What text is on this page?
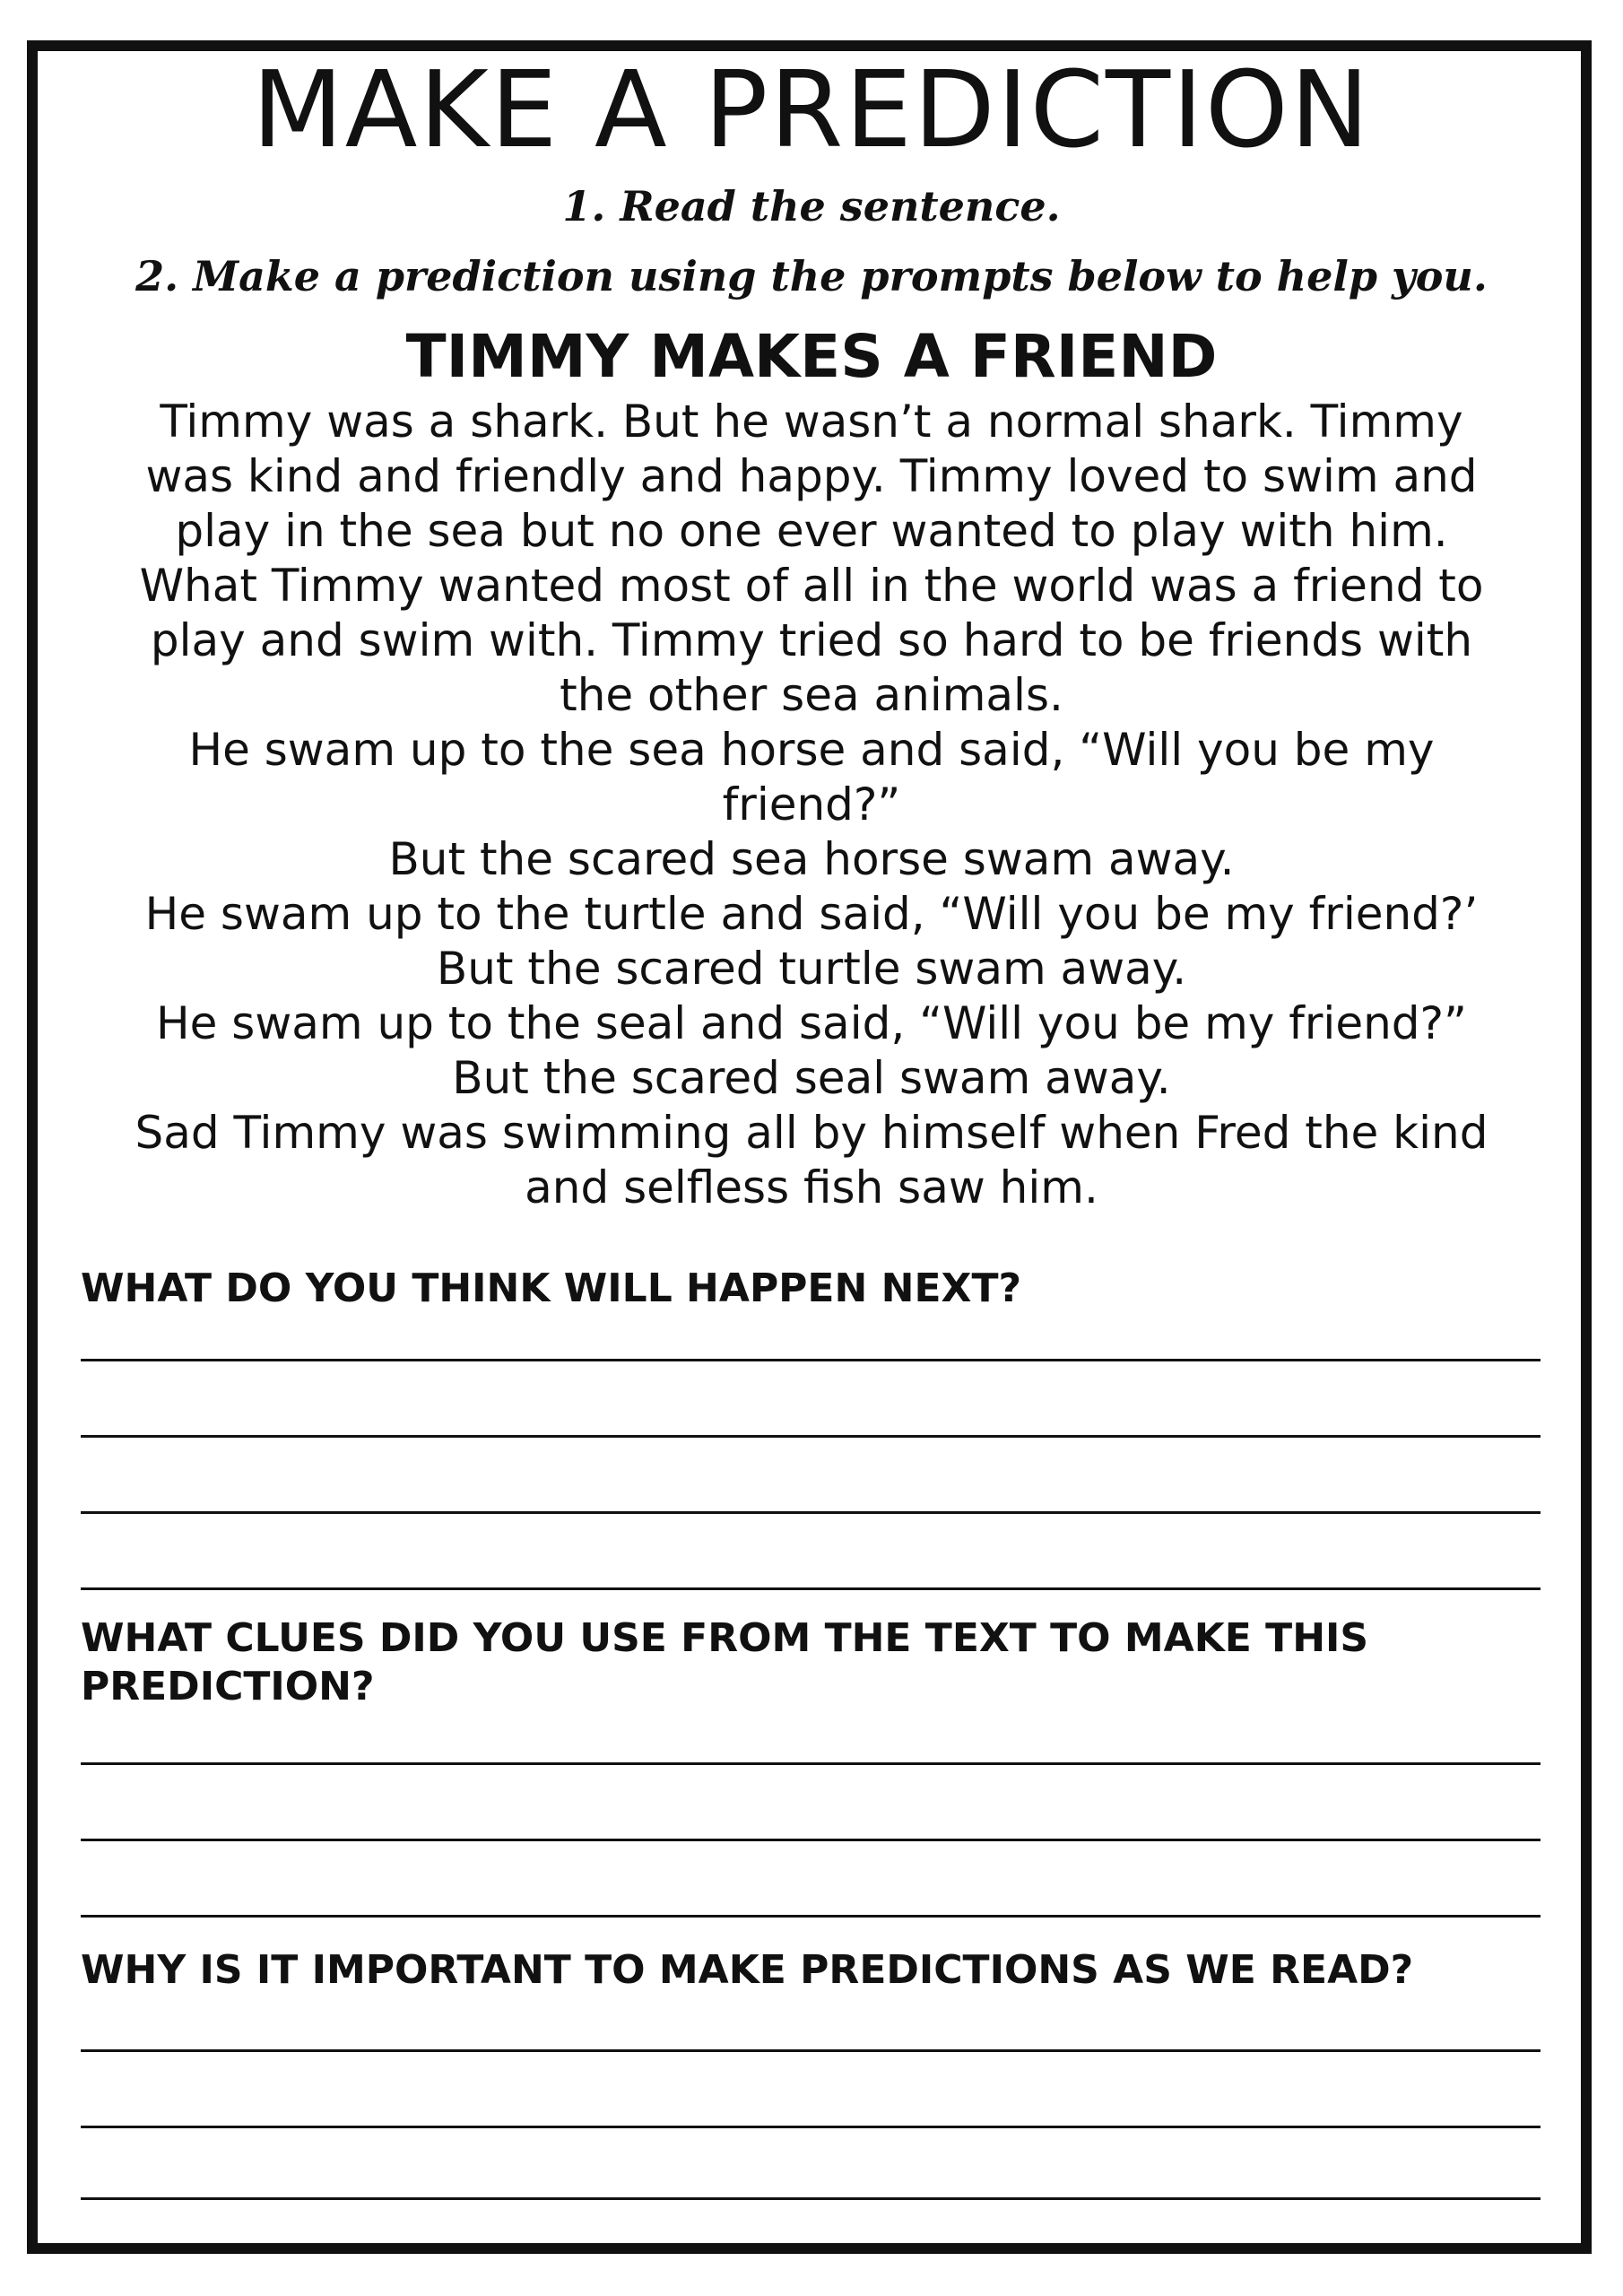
MAKE A PREDICTION

1. Read the sentence.

2. Make a prediction using the prompts below to help you.

TIMMY MAKES A FRIEND
Timmy was a shark. But he wasn’t a normal shark. Timmy
was kind and friendly and happy. Timmy loved to swim and
play in the sea but no one ever wanted to play with him.
What Timmy wanted most of all in the world was a friend to
play and swim with. Timmy tried so hard to be friends with
the other sea animals.
He swam up to the sea horse and said, “Will you be my
friend?”
But the scared sea horse swam away.
He swam up to the turtle and said, “Will you be my friend?’
But the scared turtle swam away.
He swam up to the seal and said, “Will you be my friend?”
But the scared seal swam away.
Sad Timmy was swimming all by himself when Fred the kind
and selfless fish saw him.

WHAT DO YOU THINK WILL HAPPEN NEXT?

WHAT CLUES DID YOU USE FROM THE TEXT TO MAKE THIS PREDICTION?

WHY IS IT IMPORTANT TO MAKE PREDICTIONS AS WE READ?
